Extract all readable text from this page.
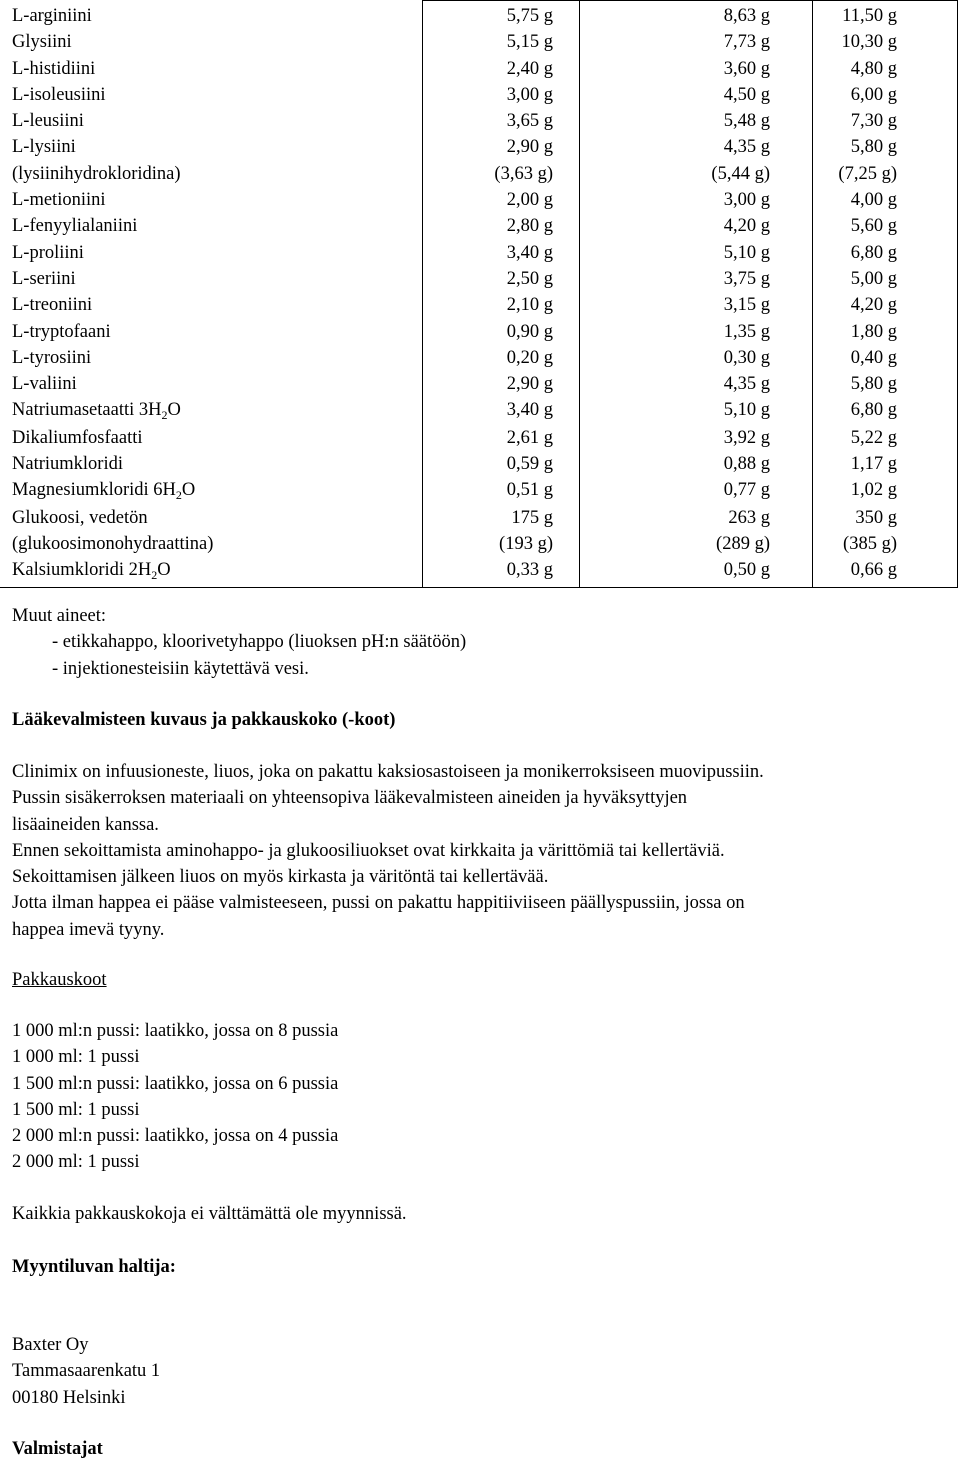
L-arginiini	5,75 g	8,63 g	11,50 g
Glysiini	5,15 g	7,73 g	10,30 g
L-histidiini	2,40 g	3,60 g	4,80 g
L-isoleusiini	3,00 g	4,50 g	6,00 g
L-leusiini	3,65 g	5,48 g	7,30 g
L-lysiini	2,90 g	4,35 g	5,80 g
(lysiinihydrokloridina)	(3,63 g)	(5,44 g)	(7,25 g)
L-metioniini	2,00 g	3,00 g	4,00 g
L-fenyylialaniini	2,80 g	4,20 g	5,60 g
L-proliini	3,40 g	5,10 g	6,80 g
L-seriini	2,50 g	3,75 g	5,00 g
L-treoniini	2,10 g	3,15 g	4,20 g
L-tryptofaani	0,90 g	1,35 g	1,80 g
L-tyrosiini	0,20 g	0,30 g	0,40 g
L-valiini	2,90 g	4,35 g	5,80 g
Natriumasetaatti $3H_2O$	3,40 g	5,10 g	6,80 g
Dikaliumfosfaatti	2,61 g	3,92 g	5,22 g
Natriumkloridi	0,59 g	0,88 g	1,17 g
Magnesiumkloridi $6H_2O$	0,51 g	0,77 g	1,02 g
Glukoosi, vedetön	175 g	263 g	350 g
(glukoosimonohydraattina)	(193 g)	(289 g)	(385 g)
Kalsiumkloridi $2H_2O$	0,33 g	0,50 g	0,66 g

Muut aineet:

- etikkahappo, kloorivetyhappo (liuoksen pH:n säätöön)

- injektionesteisiin käytettävä vesi.

Lääkevalmisteen kuvaus ja pakkauskoko (-koot)

Clinimix on infuusioneste, liuos, joka on pakattu kaksiosastoiseen ja monikerroksiseen muovipussiin.

Pussin sisäkerroksen materiaali on yhteensopiva lääkevalmisteen aineiden ja hyväksyttyjen

lisäaineiden kanssa.

Ennen sekoittamista aminohappo- ja glukoosiliuokset ovat kirkkaita ja värittömiä tai kellertäviä.

Sekoittamisen jälkeen liuos on myös kirkasta ja väritöntä tai kellertävää.

Jotta ilman happea ei pääse valmisteeseen, pussi on pakattu happitiiviiseen päällyspussiin, jossa on

happea imevä tyyny.

Pakkauskoot

1 000 ml:n pussi: laatikko, jossa on 8 pussia

1 000 ml: 1 pussi

1 500 ml:n pussi: laatikko, jossa on 6 pussia

1 500 ml: 1 pussi

2 000 ml:n pussi: laatikko, jossa on 4 pussia

2 000 ml: 1 pussi

Kaikkia pakkauskokoja ei välttämättä ole myynnissä.

Myyntiluvan haltija:

Baxter Oy

Tammasaarenkatu 1

00180 Helsinki

Valmistajat
